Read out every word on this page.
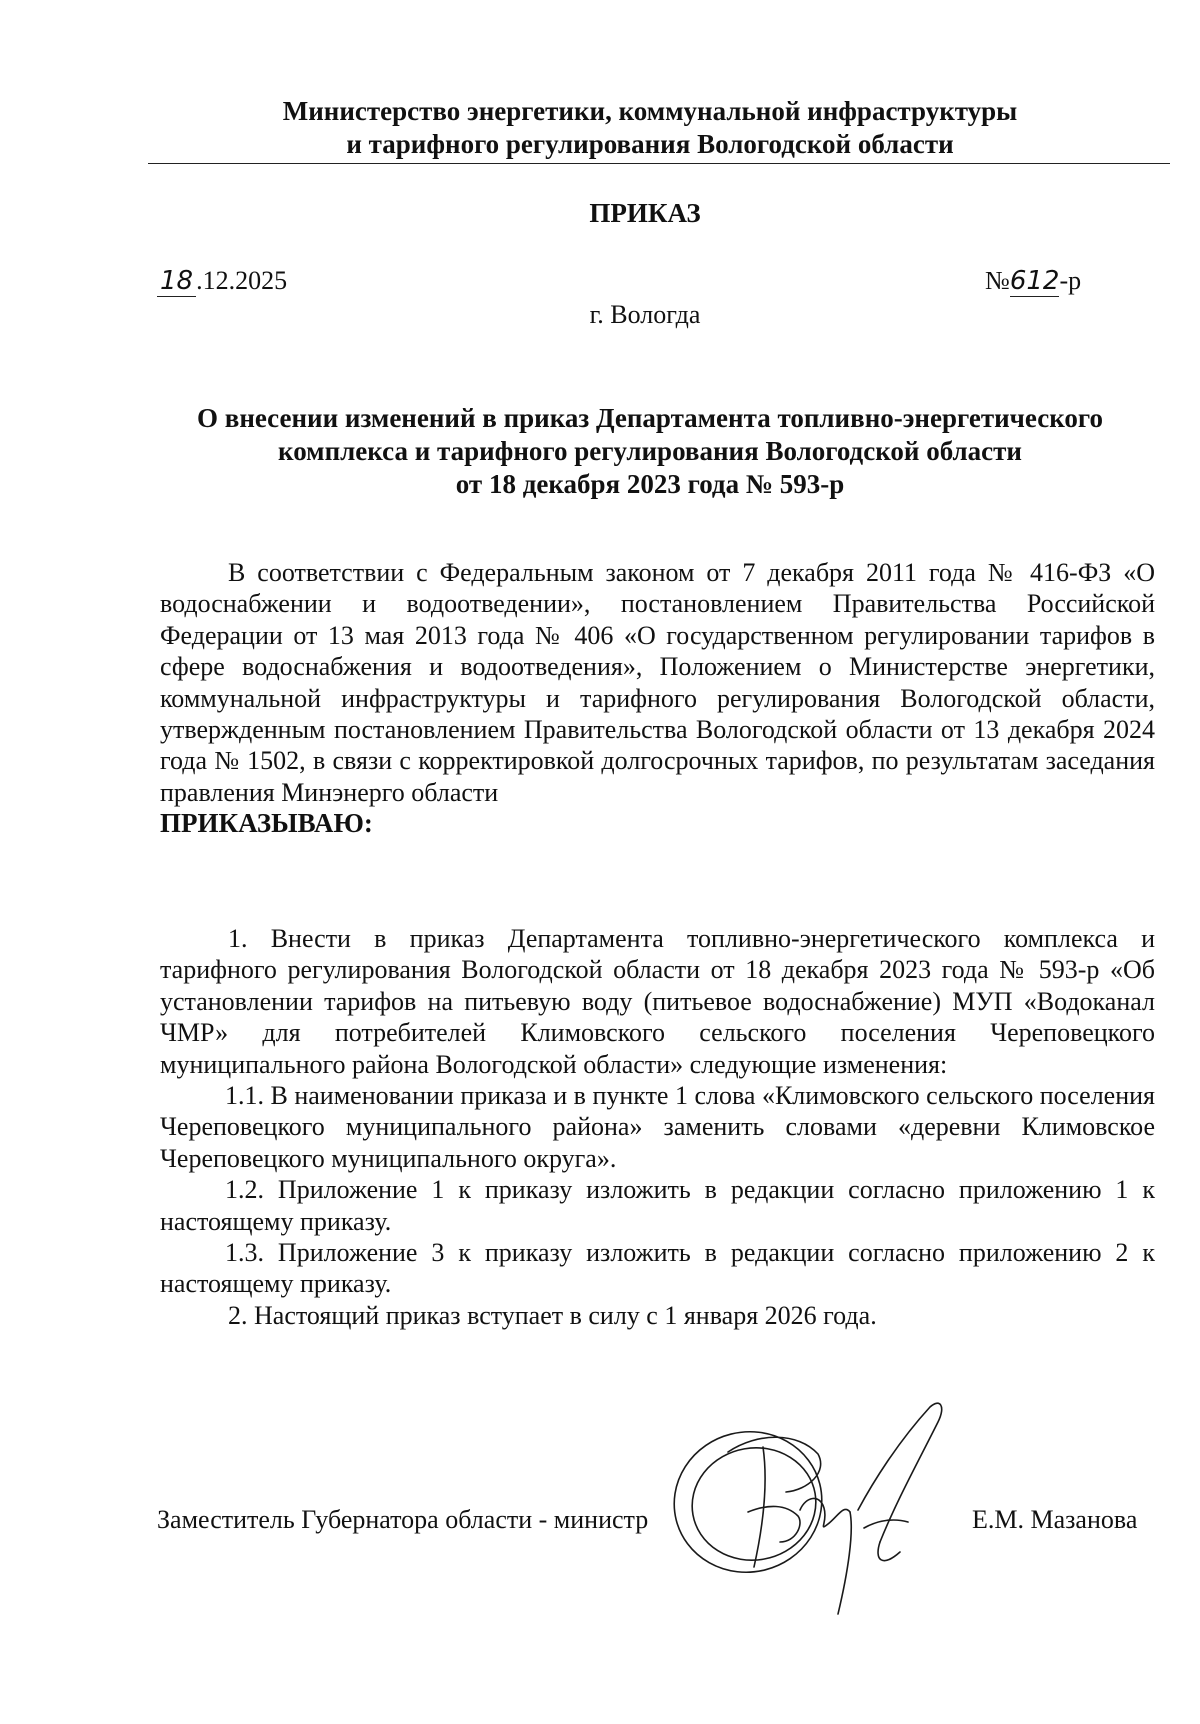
Министерство энергетики, коммунальной инфраструктуры
и тарифного регулирования Вологодской области
ПРИКАЗ
18 .12.2025	№612-р
г. Вологда
О внесении изменений в приказ Департамента топливно-энергетического
комплекса и тарифного регулирования Вологодской области
от 18 декабря 2023 года № 593-р

В соответствии с Федеральным законом от 7 декабря 2011 года № 416-ФЗ «О водоснабжении и водоотведении», постановлением Правительства Российской Федерации от 13 мая 2013 года № 406 «О государственном регулировании тарифов в сфере водоснабжения и водоотведения», Положением о Министерстве энергетики, коммунальной инфраструктуры и тарифного регулирования Вологодской области, утвержденным постановлением Правительства Вологодской области от 13 декабря 2024 года № 1502, в связи с корректировкой долгосрочных тарифов, по результатам заседания правления Минэнерго области

ПРИКАЗЫВАЮ:

1. Внести в приказ Департамента топливно-энергетического комплекса и тарифного регулирования Вологодской области от 18 декабря 2023 года № 593-р «Об установлении тарифов на питьевую воду (питьевое водоснабжение) МУП «Водоканал ЧМР» для потребителей Климовского сельского поселения Череповецкого муниципального района Вологодской области» следующие изменения:

1.1. В наименовании приказа и в пункте 1 слова «Климовского сельского поселения Череповецкого муниципального района» заменить словами «деревни Климовское Череповецкого муниципального округа».

1.2. Приложение 1 к приказу изложить в редакции согласно приложению 1 к настоящему приказу.

1.3. Приложение 3 к приказу изложить в редакции согласно приложению 2 к настоящему приказу.

2. Настоящий приказ вступает в силу с 1 января 2026 года.

Заместитель Губернатора области - министр	Е.М. Мазанова
